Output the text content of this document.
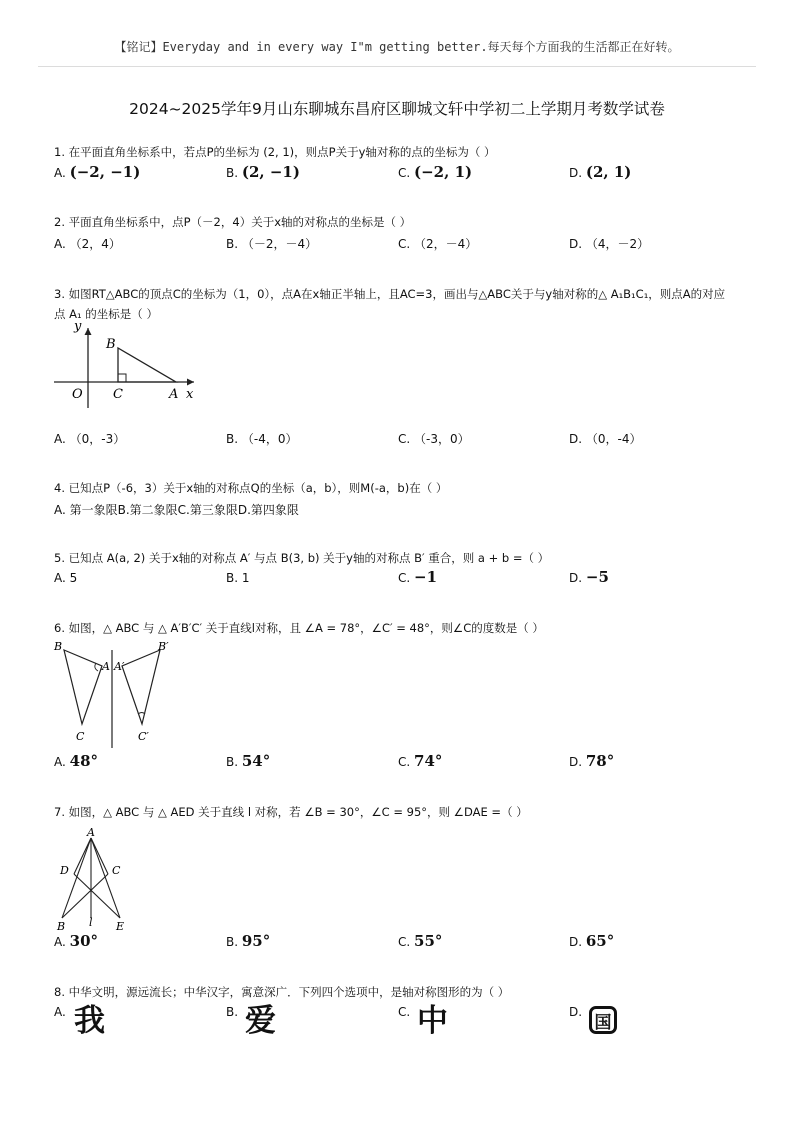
【铭记】Everyday and in every way I"m getting better.每天每个方面我的生活都正在好转。
2024~2025学年9月山东聊城东昌府区聊城文轩中学初二上学期月考数学试卷
1. 在平面直角坐标系中，若点P的坐标为 (2, 1)，则点P关于y轴对称的点的坐标为（ ）
A. (−2, −1)	B. (2, −1)	C. (−2, 1)	D. (2, 1)
2. 平面直角坐标系中，点P（－2，4）关于x轴的对称点的坐标是（ ）
A. （2，4）	B. （－2，－4）	C. （2，－4）	D. （4，－2）
3. 如图RT△ABC的顶点C的坐标为（1，0），点A在x轴正半轴上，且AC=3，画出与△ABC关于与y轴对称的△ A₁B₁C₁，则点A的对应
点 A₁ 的坐标是（ ）
y
B
O C	A x
A. （0，-3）	B. （-4，0）	C. （-3，0）	D. （0，-4）
4. 已知点P（-6，3）关于x轴的对称点Q的坐标（a，b），则M(-a，b)在（ ）
A. 第一象限B.第二象限C.第三象限D.第四象限
5. 已知点 A(a, 2) 关于x轴的对称点 A′ 与点 B(3, b) 关于y轴的对称点 B′ 重合，则 a + b =（ ）
A. 5	B. 1	C. −1	D. −5
6. 如图，△ ABC 与 △ A′B′C′ 关于直线l对称，且 ∠A = 78°，∠C′ = 48°，则∠C的度数是（ ）
B
A
C
A′
B′
C′
A. 48°	B. 54°	C. 74°	D. 78°
7. 如图，△ ABC 与 △ AED 关于直线 l 对称，若 ∠B = 30°，∠C = 95°，则 ∠DAE =（ ）
A
D	C
B l E
A. 30°	B. 95°	C. 55°	D. 65°
8. 中华文明，源远流长；中华汉字，寓意深广．下列四个选项中，是轴对称图形的为（ ）
A. 我	B. 爱	C. 中	D.
国
